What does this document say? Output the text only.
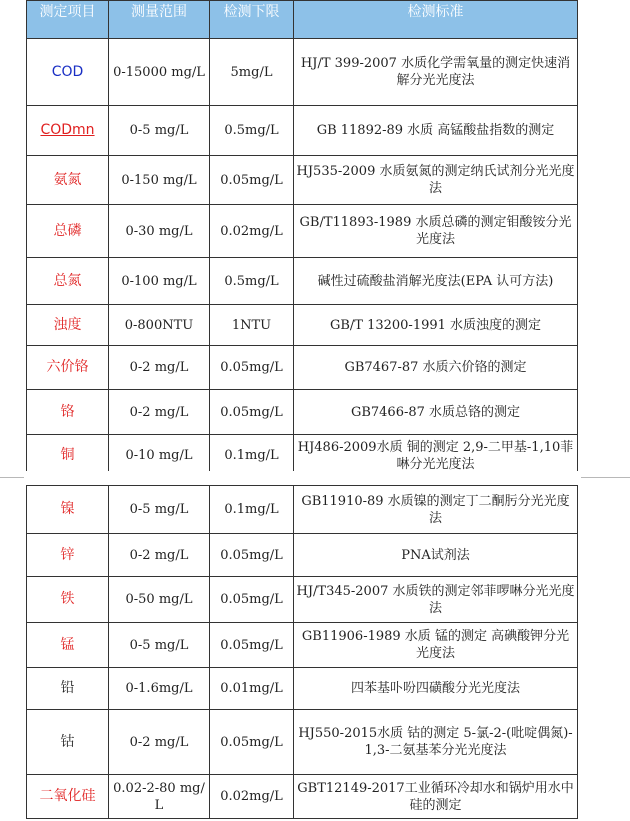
测定项目	测量范围	检测下限	检测标准
COD	0-15000 mg/L	5mg/L	HJ/T 399-2007 水质化学需氧量的测定快速消解分光光度法
CODmn	0-5 mg/L	0.5mg/L	GB 11892-89 水质 高锰酸盐指数的测定
氨氮	0-150 mg/L	0.05mg/L	HJ535-2009 水质氨氮的测定纳氏试剂分光光度法
总磷	0-30 mg/L	0.02mg/L	GB/T11893-1989 水质总磷的测定钼酸铵分光光度法
总氮	0-100 mg/L	0.5mg/L	碱性过硫酸盐消解光度法(EPA 认可方法)
浊度	0-800NTU	1NTU	GB/T 13200-1991 水质浊度的测定
六价铬	0-2 mg/L	0.05mg/L	GB7467-87 水质六价铬的测定
铬	0-2 mg/L	0.05mg/L	GB7466-87 水质总铬的测定
铜	0-10 mg/L	0.1mg/L	HJ486-2009水质 铜的测定 2,9-二甲基-1,10菲啉分光光度法
镍	0-5 mg/L	0.1mg/L	GB11910-89 水质镍的测定丁二酮肟分光光度法
锌	0-2 mg/L	0.05mg/L	PNA试剂法
铁	0-50 mg/L	0.05mg/L	HJ/T345-2007 水质铁的测定邻菲啰啉分光光度法
锰	0-5 mg/L	0.05mg/L	GB11906-1989 水质 锰的测定 高碘酸钾分光光度法
铅	0-1.6mg/L	0.01mg/L	四苯基卟吩四磺酸分光光度法
钴	0-2 mg/L	0.05mg/L	HJ550-2015水质 钴的测定 5-氯-2-(吡啶偶氮)-1,3-二氨基苯分光光度法
二氧化硅	0.02-2-80 mg/L	0.02mg/L	GBT12149-2017工业循环冷却水和锅炉用水中硅的测定
